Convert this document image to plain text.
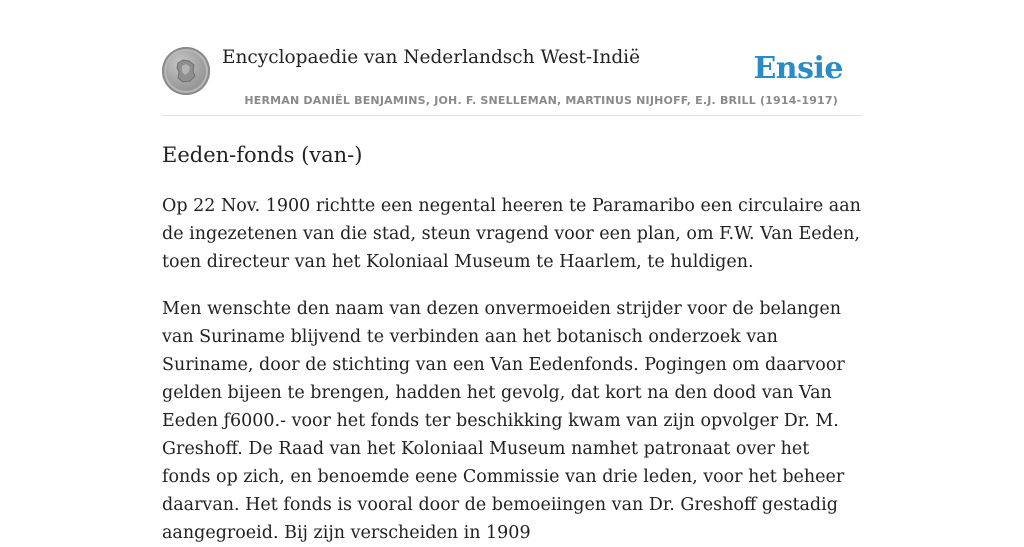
Encyclopaedie van Nederlandsch West-Indië	Ensie
HERMAN DANIËL BENJAMINS, JOH. F. SNELLEMAN, MARTINUS NIJHOFF, E.J. BRILL (1914-1917)
Eeden-fonds (van-)

Op 22 Nov. 1900 richtte een negental heeren te Paramaribo een circulaire aan de ingezetenen van die stad, steun vragend voor een plan, om F.W. Van Eeden, toen directeur van het Koloniaal Museum te Haarlem, te huldigen.

Men wenschte den naam van dezen onvermoeiden strijder voor de belangen van Suriname blijvend te verbinden aan het botanisch onderzoek van Suriname, door de stichting van een Van Eedenfonds. Pogingen om daarvoor gelden bijeen te brengen, hadden het gevolg, dat kort na den dood van Van Eeden ƒ6000.- voor het fonds ter beschikking kwam van zijn opvolger Dr. M. Greshoff. De Raad van het Koloniaal Museum namhet patronaat over het fonds op zich, en benoemde eene Commissie van drie leden, voor het beheer daarvan. Het fonds is vooral door de bemoeiingen van Dr. Greshoff gestadig aangegroeid. Bij zijn verscheiden in 1909
